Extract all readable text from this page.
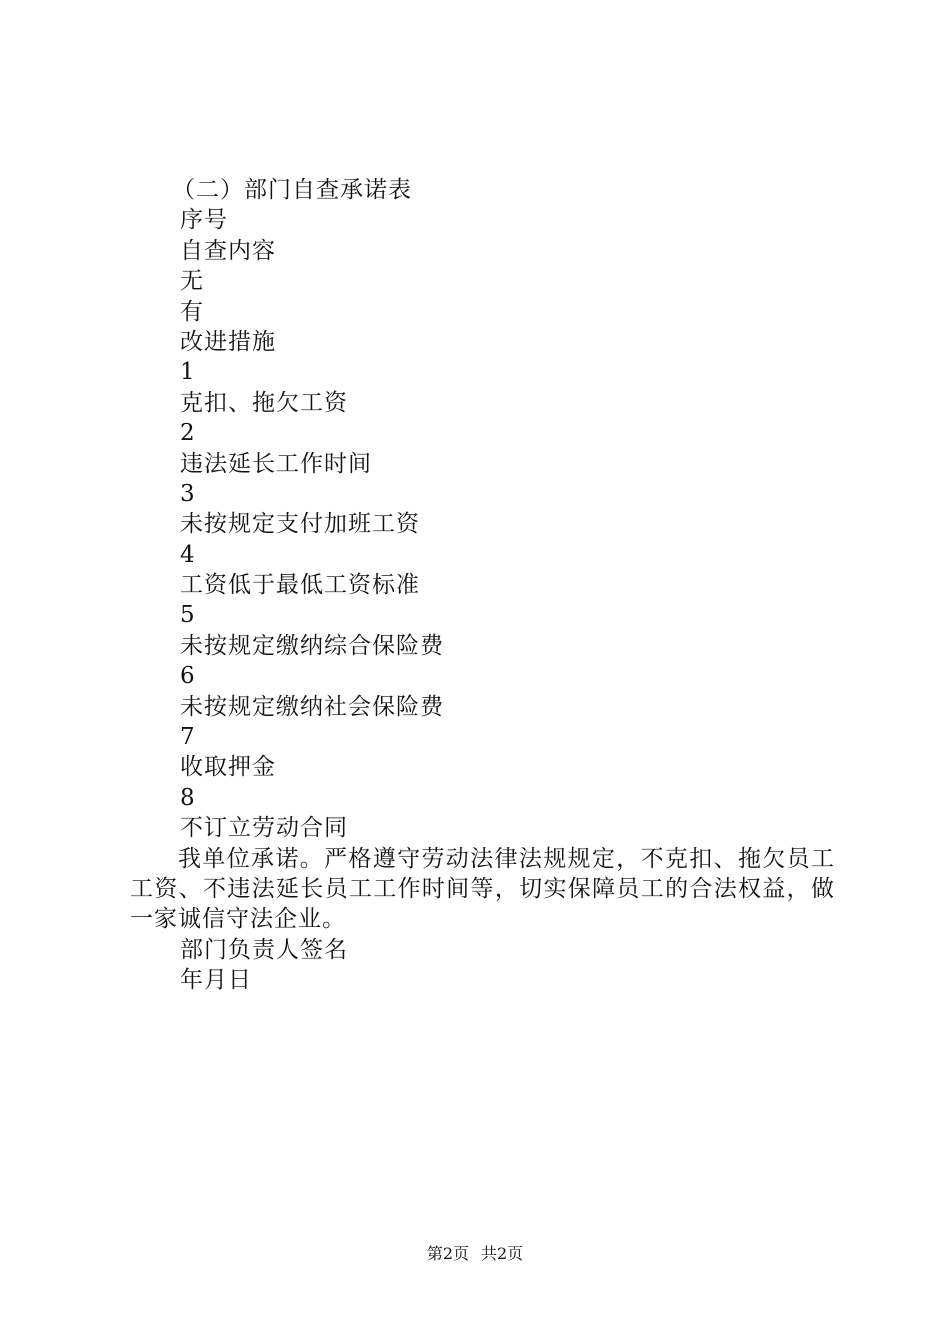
（二）部门自查承诺表
序号
自查内容
无
有
改进措施
1
克扣、拖欠工资
2
违法延长工作时间
3
未按规定支付加班工资
4
工资低于最低工资标准
5
未按规定缴纳综合保险费
6
未按规定缴纳社会保险费
7
收取押金
8
不订立劳动合同
我单位承诺。严格遵守劳动法律法规规定，不克扣、拖欠员工工资、不违法延长员工工作时间等，切实保障员工的合法权益，做一家诚信守法企业。
部门负责人签名
年月日
第2页 共2页
